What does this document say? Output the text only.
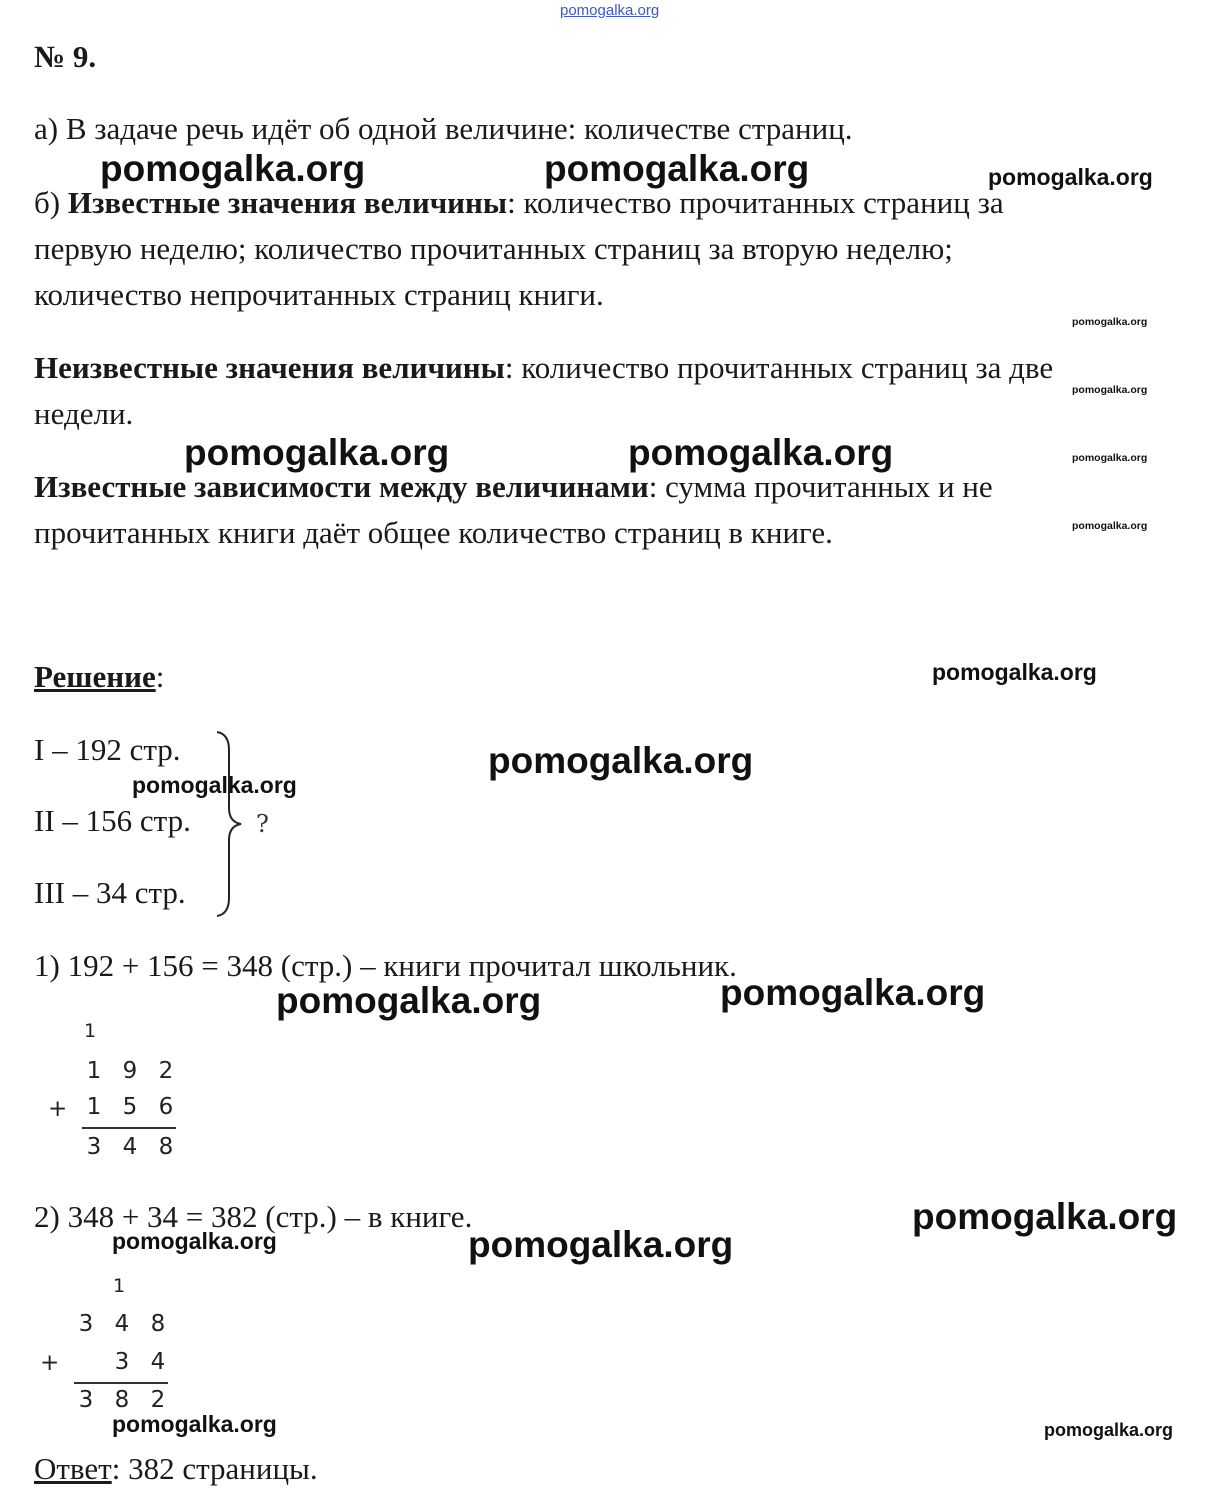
pomogalka.org
№ 9.
а) В задаче речь идёт об одной величине: количестве страниц.
б) Известные значения величины: количество прочитанных страниц за
первую неделю; количество прочитанных страниц за вторую неделю;
количество непрочитанных страниц книги.
Неизвестные значения величины: количество прочитанных страниц за две
недели.
Известные зависимости между величинами: сумма прочитанных и не
прочитанных книги даёт общее количество страниц в книге.
Решение:
I – 192 стр.
II – 156 стр.
III – 34 стр.
?
1) 192 + 156 = 348 (стр.) – книги прочитал школьник.
1
1 9 2
+ 1 5 6
3 4 8
2) 348 + 34 = 382 (стр.) – в книге.
1
3 4 8
+	3 4
3 8 2
Ответ: 382 страницы.
pomogalka.org	pomogalka.org	pomogalka.org
pomogalka.org
pomogalka.org
pomogalka.org	pomogalka.org	pomogalka.org
pomogalka.org
pomogalka.org
pomogalka.org
pomogalka.org
pomogalka.org	pomogalka.org
pomogalka.org
pomogalka.org	pomogalka.org
pomogalka.org	pomogalka.org
